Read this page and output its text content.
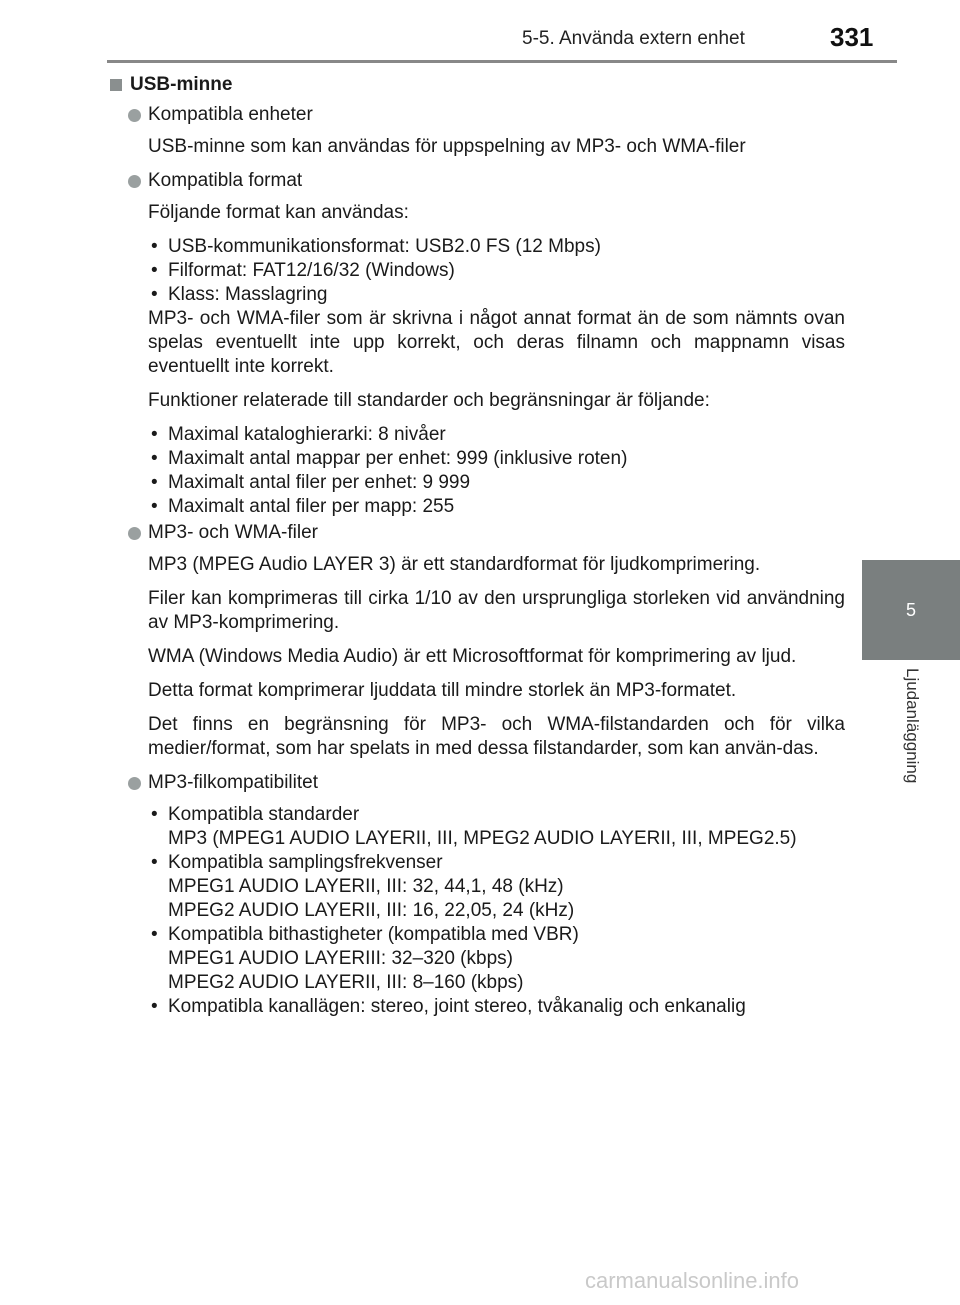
331
5-5. Använda extern enhet
5
Ljudanläggning
USB-minne
Kompatibla enheter

USB-minne som kan användas för uppspelning av MP3- och WMA-filer

Kompatibla format

Följande format kan användas:

• USB-kommunikationsformat: USB2.0 FS (12 Mbps)
• Filformat: FAT12/16/32 (Windows)
• Klass: Masslagring

MP3- och WMA-filer som är skrivna i något annat format än de som nämnts ovan spelas eventuellt inte upp korrekt, och deras filnamn och mappnamn visas eventuellt inte korrekt.

Funktioner relaterade till standarder och begränsningar är följande:

• Maximal kataloghierarki: 8 nivåer
• Maximalt antal mappar per enhet: 999 (inklusive roten)
• Maximalt antal filer per enhet: 9 999
• Maximalt antal filer per mapp: 255
MP3- och WMA-filer

MP3 (MPEG Audio LAYER 3) är ett standardformat för ljudkomprimering.

Filer kan komprimeras till cirka 1/10 av den ursprungliga storleken vid användning av MP3-komprimering.

WMA (Windows Media Audio) är ett Microsoftformat för komprimering av ljud.

Detta format komprimerar ljuddata till mindre storlek än MP3-formatet.

Det finns en begränsning för MP3- och WMA-filstandarden och för vilka medier/format, som har spelats in med dessa filstandarder, som kan använ-das.

MP3-filkompatibilitet
• Kompatibla standarder
MP3 (MPEG1 AUDIO LAYERII, III, MPEG2 AUDIO LAYERII, III, MPEG2.5)
• Kompatibla samplingsfrekvenser
MPEG1 AUDIO LAYERII, III: 32, 44,1, 48 (kHz)
MPEG2 AUDIO LAYERII, III: 16, 22,05, 24 (kHz)
• Kompatibla bithastigheter (kompatibla med VBR)
MPEG1 AUDIO LAYERIII: 32–320 (kbps)
MPEG2 AUDIO LAYERII, III: 8–160 (kbps)
• Kompatibla kanallägen: stereo, joint stereo, tvåkanalig och enkanalig
carmanualsonline.info
